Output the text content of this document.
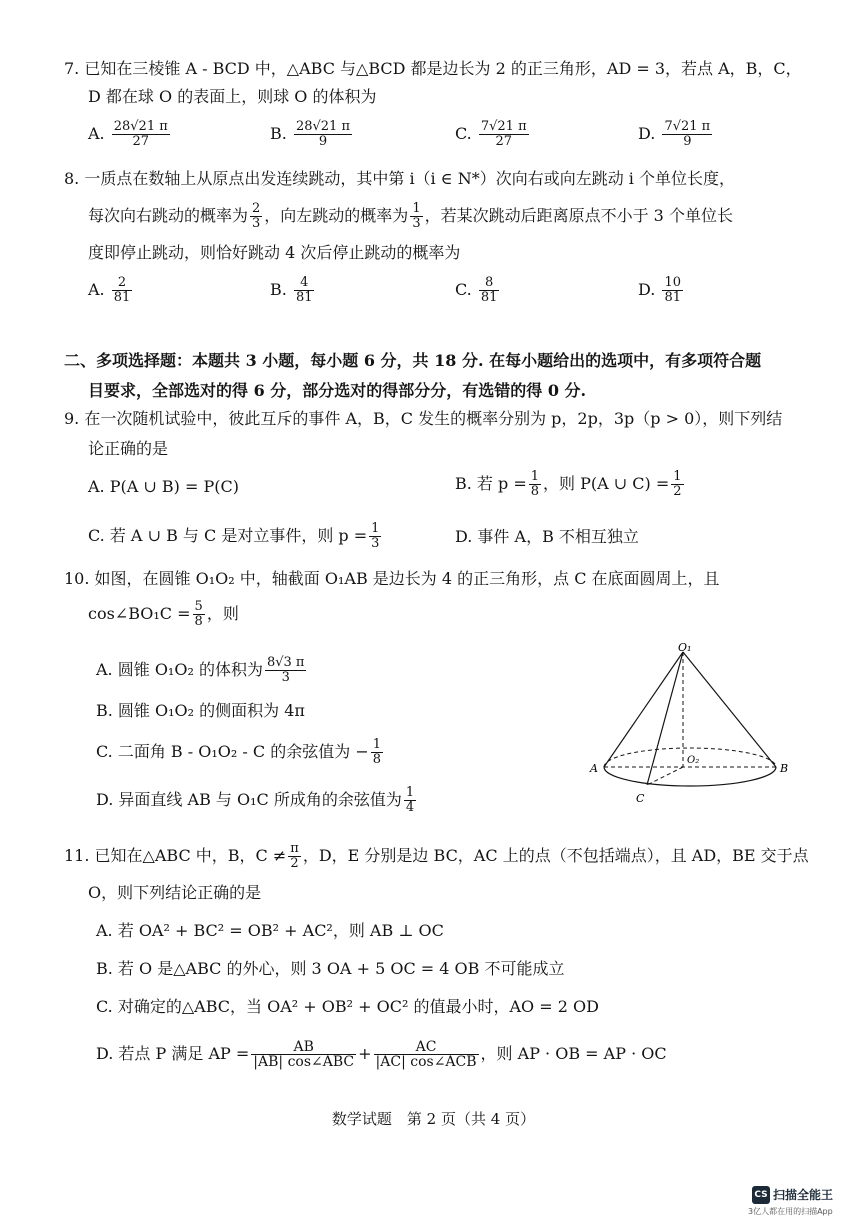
7. 已知在三棱锥 A - BCD 中，△ABC 与△BCD 都是边长为 2 的正三角形，AD = 3，若点 A，B，C，
D 都在球 O 的表面上，则球 O 的体积为
A. $\frac{28√21 \pi}{27}$	B. $\frac{28√21 \pi}{9}$	C. $\frac{7√21 \pi}{27}$	D. $\frac{7√21 \pi}{9}$
8. 一质点在数轴上从原点出发连续跳动，其中第 i（i ∈ N*）次向右或向左跳动 i 个单位长度，
每次向右跳动的概率为 $\frac{2}{3}$ ，向左跳动的概率为 $\frac{1}{3}$ ，若某次跳动后距离原点不小于 3 个单位长
度即停止跳动，则恰好跳动 4 次后停止跳动的概率为
A. $\frac{2}{81}$	B. $\frac{4}{81}$	C. $\frac{8}{81}$	D. $\frac{10}{81}$
二、多项选择题：本题共 3 小题，每小题 6 分，共 18 分. 在每小题给出的选项中，有多项符合题
目要求，全部选对的得 6 分，部分选对的得部分分，有选错的得 0 分.
9. 在一次随机试验中，彼此互斥的事件 A，B，C 发生的概率分别为 p，2p，3p（p > 0），则下列结
论正确的是
A. P(A ∪ B) = P(C)	B. 若 $p = \frac{1}{8}$ ，则 P(A ∪ $C) = \frac{1}{2}$
C. 若 A ∪ B 与 C 是对立事件，则 $p = \frac{1}{3}$	D. 事件 A，B 不相互独立
10. 如图，在圆锥 O₁O₂ 中，轴截面 O₁AB 是边长为 4 的正三角形，点 C 在底面圆周上，且
cos∠BO₁C = $\frac{5}{8}$ ，则
A. 圆锥 O₁O₂ 的体积为 $\frac{8√3 \pi}{3}$
B. 圆锥 O₁O₂ 的侧面积为 4π
C. 二面角 B - O₁O₂ - C 的余弦值为 − $\frac{1}{8}$
D. 异面直线 AB 与 O₁C 所成角的余弦值为 $\frac{1}{4}$
O₁
O₂
A	B
C
11. 已知在△ABC 中，B，$C \ne \frac{\pi}{2}$ ，D，E 分别是边 BC，AC 上的点（不包括端点），且 AD，BE 交于点
O，则下列结论正确的是
A. 若 OA² + BC² = OB² + AC²，则 AB ⊥ OC
B. 若 O 是△ABC 的外心，则 3 OA + 5 OC = 4 OB 不可能成立
C. 对确定的△ABC，当 OA² + OB² + OC² 的值最小时，AO = 2 OD
D. 若点 P 满足 AP = $\frac{AB}{\text{|AB| cos∠ABC}} + \frac{AC}{\text{|AC| cos∠ACB}}$ ，则 AP · OB = AP · OC
数学试题　第 2 页（共 4 页）
CS 扫描全能王
3亿人都在用的扫描App
